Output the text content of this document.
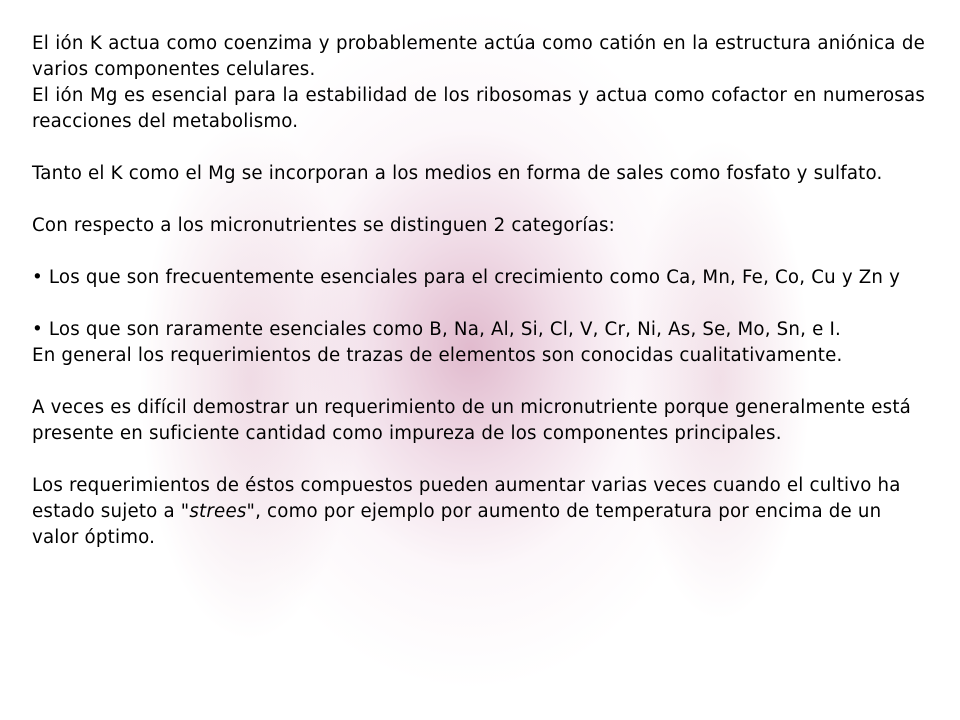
El ión K actua como coenzima y probablemente actúa como catión en la estructura aniónica de varios componentes celulares.

El ión Mg es esencial para la estabilidad de los ribosomas y actua como cofactor en numerosas reacciones del metabolismo.

Tanto el K como el Mg se incorporan a los medios en forma de sales como fosfato y sulfato.

Con respecto a los micronutrientes se distinguen 2 categorías:

• Los que son frecuentemente esenciales para el crecimiento como Ca, Mn, Fe, Co, Cu y Zn y

• Los que son raramente esenciales como B, Na, Al, Si, Cl, V, Cr, Ni, As, Se, Mo, Sn, e I.

En general los requerimientos de trazas de elementos son conocidas cualitativamente.

A veces es difícil demostrar un requerimiento de un micronutriente porque generalmente está presente en suficiente cantidad como impureza de los componentes principales.

Los requerimientos de éstos compuestos pueden aumentar varias veces cuando el cultivo ha estado sujeto a "strees", como por ejemplo por aumento de temperatura por encima de un valor óptimo.
